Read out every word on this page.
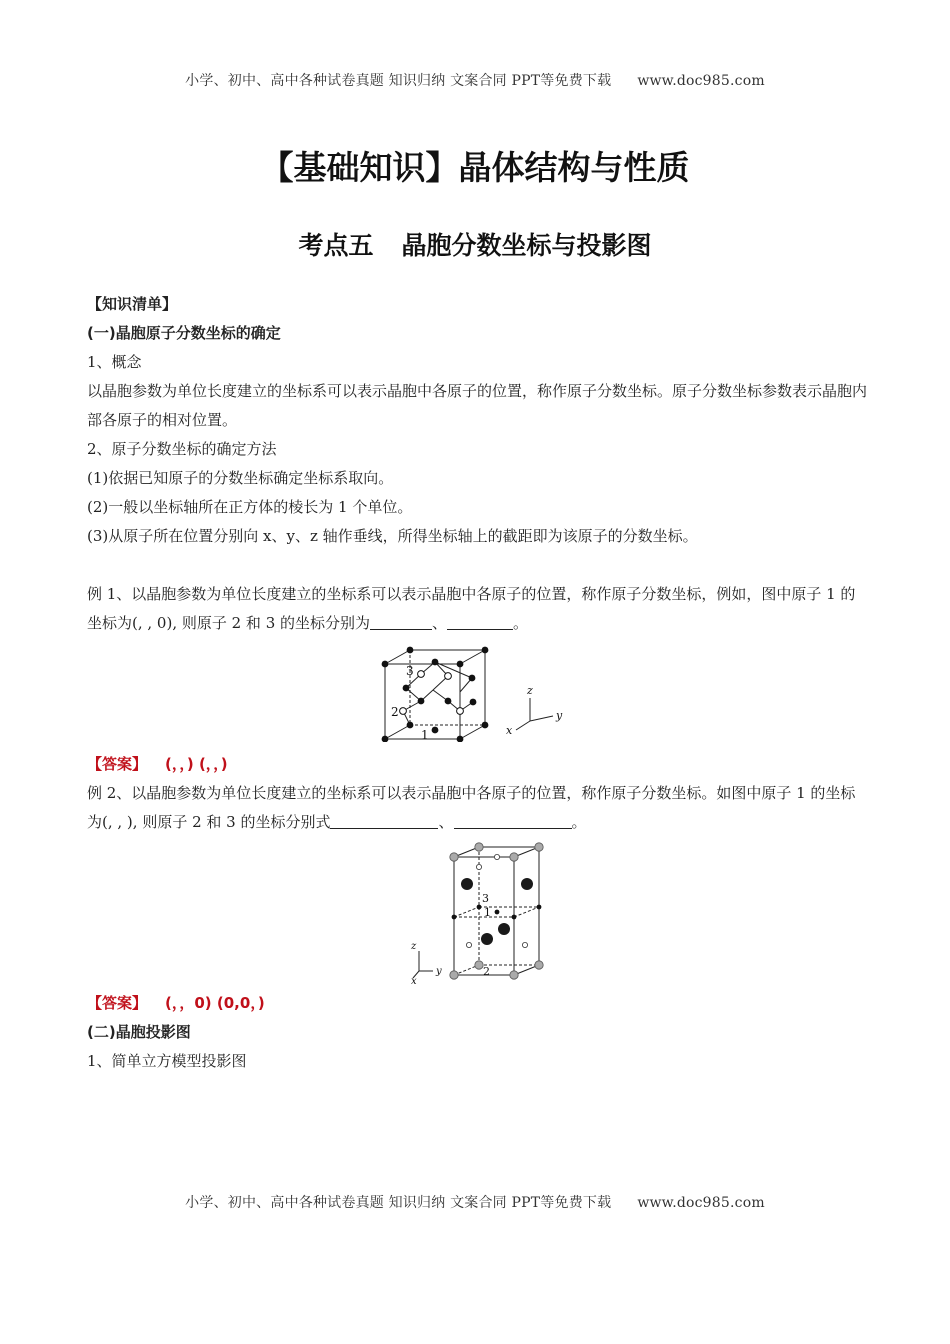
小学、初中、高中各种试卷真题 知识归纳 文案合同 PPT等免费下载 www.doc985.com
【基础知识】晶体结构与性质
考点五 晶胞分数坐标与投影图

【知识清单】

(一)晶胞原子分数坐标的确定

1、概念

以晶胞参数为单位长度建立的坐标系可以表示晶胞中各原子的位置，称作原子分数坐标。原子分数坐标参数表示晶胞内部各原子的相对位置。

2、原子分数坐标的确定方法

(1)依据已知原子的分数坐标确定坐标系取向。

(2)一般以坐标轴所在正方体的棱长为 1 个单位。

(3)从原子所在位置分别向 x、y、z 轴作垂线，所得坐标轴上的截距即为该原子的分数坐标。

例 1、以晶胞参数为单位长度建立的坐标系可以表示晶胞中各原子的位置，称作原子分数坐标，例如，图中原子 1 的坐标为(, , 0), 则原子 2 和 3 的坐标分别为	、	。

3
2
1
z
y
x

【答案】 (，，) (，，)

例 2、以晶胞参数为单位长度建立的坐标系可以表示晶胞中各原子的位置，称作原子分数坐标。如图中原子 1 的坐标为(, , ), 则原子 2 和 3 的坐标分别式	、	。

3
1
2
z
y
x

【答案】 (，，0) (0,0，)

(二)晶胞投影图

1、简单立方模型投影图

小学、初中、高中各种试卷真题 知识归纳 文案合同 PPT等免费下载 www.doc985.com
